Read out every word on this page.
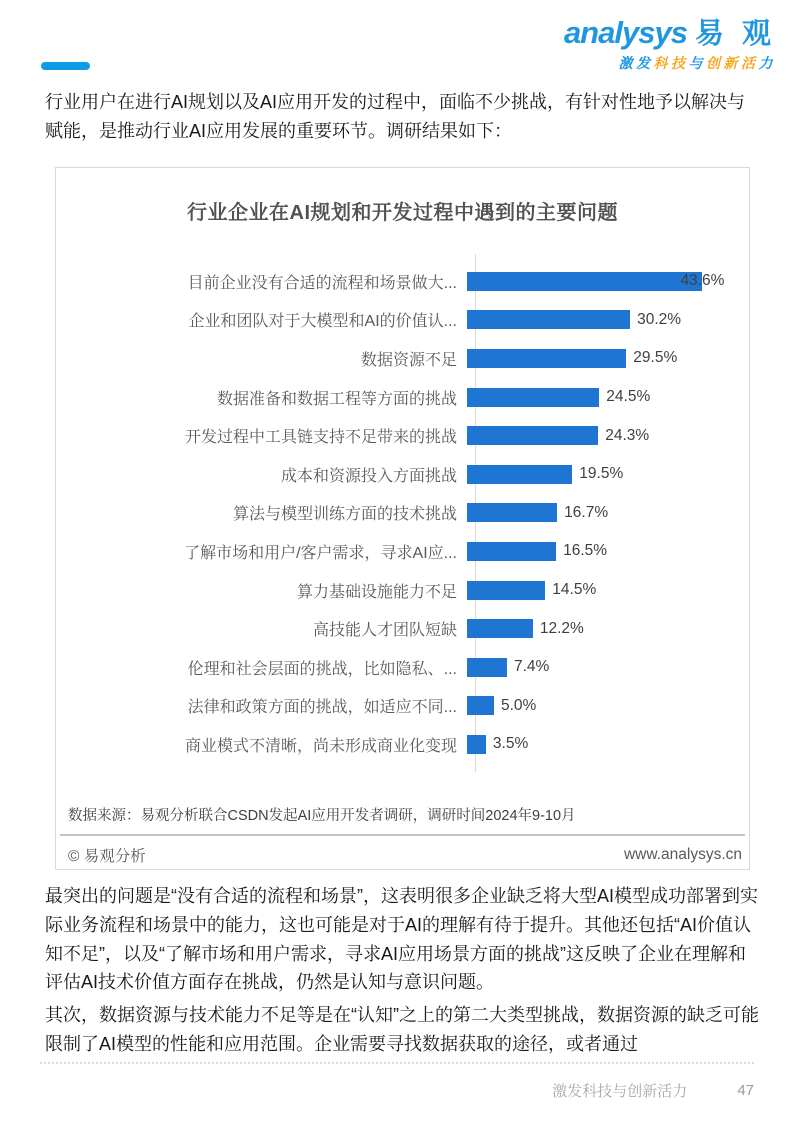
analysys 易 观
激发科技与创新活力
行业用户在进行AI规划以及AI应用开发的过程中，面临不少挑战，有针对性地予以解决与赋能，是推动行业AI应用发展的重要环节。调研结果如下：
行业企业在AI规划和开发过程中遇到的主要问题
目前企业没有合适的流程和场景做大...	43.6%
企业和团队对于大模型和AI的价值认...	30.2%
数据资源不足	29.5%
数据准备和数据工程等方面的挑战	24.5%
开发过程中工具链支持不足带来的挑战	24.3%
成本和资源投入方面挑战	19.5%
算法与模型训练方面的技术挑战	16.7%
了解市场和用户/客户需求，寻求AI应...	16.5%
算力基础设施能力不足	14.5%
高技能人才团队短缺	12.2%
伦理和社会层面的挑战，比如隐私、...	7.4%
法律和政策方面的挑战，如适应不同...	5.0%
商业模式不清晰，尚未形成商业化变现	3.5%
数据来源：易观分析联合CSDN发起AI应用开发者调研，调研时间2024年9-10月
© 易观分析	www.analysys.cn

最突出的问题是“没有合适的流程和场景”，这表明很多企业缺乏将大型AI模型成功部署到实际业务流程和场景中的能力，这也可能是对于AI的理解有待于提升。其他还包括“AI价值认知不足”，以及“了解市场和用户需求，寻求AI应用场景方面的挑战”这反映了企业在理解和评估AI技术价值方面存在挑战，仍然是认知与意识问题。

其次，数据资源与技术能力不足等是在“认知”之上的第二大类型挑战，数据资源的缺乏可能限制了AI模型的性能和应用范围。企业需要寻找数据获取的途径，或者通过

激发科技与创新活力	47
